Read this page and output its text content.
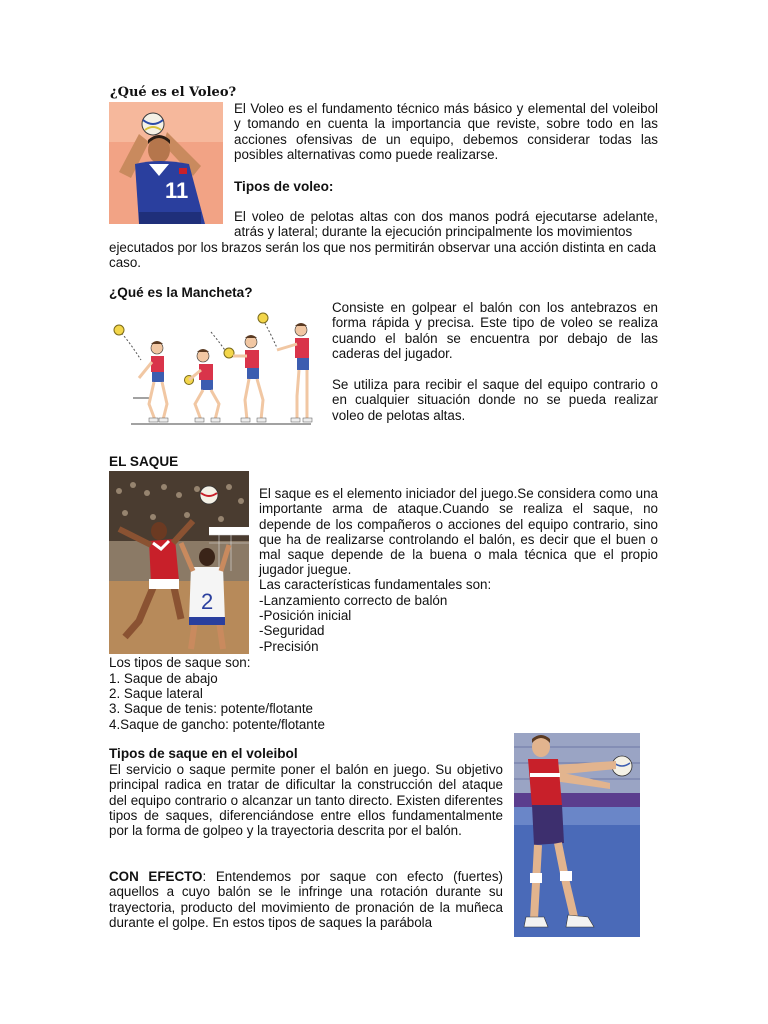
¿Qué es el Voleo?
11
El Voleo es el fundamento técnico más básico y elemental del voleibol y tomando en cuenta la importancia que reviste, sobre todo en las acciones ofensivas de un equipo, debemos considerar todas las posibles alternativas como puede realizarse.
Tipos de voleo:
El voleo de pelotas altas con dos manos podrá ejecutarse adelante, atrás y lateral; durante la ejecución principalmente los movimientos
ejecutados por los brazos serán los que nos permitirán observar una acción distinta en cada caso.
¿Qué es la Mancheta?
Consiste en golpear el balón con los antebrazos en forma rápida y precisa. Este tipo de voleo se realiza cuando el balón se encuentra por debajo de las caderas del jugador.
Se utiliza para recibir el saque del equipo contrario o en cualquier situación donde no se pueda realizar voleo de pelotas altas.
EL SAQUE
2
El saque es el elemento iniciador del juego.Se considera como una importante arma de ataque.Cuando se realiza el saque, no depende de los compañeros o acciones del equipo contrario, sino que ha de realizarse controlando el balón, es decir que el buen o mal saque depende de la buena o mala técnica que el propio jugador juegue.
Las características fundamentales son:
-Lanzamiento correcto de balón
-Posición inicial
-Seguridad
-Precisión
Los tipos de saque son:
1. Saque de abajo
2. Saque lateral
3. Saque de tenis: potente/flotante
4.Saque de gancho: potente/flotante
Tipos de saque en el voleibol
El servicio o saque permite poner el balón en juego. Su objetivo principal radica en tratar de dificultar la construcción del ataque del equipo contrario o alcanzar un tanto directo. Existen diferentes tipos de saques, diferenciándose entre ellos fundamentalmente por la forma de golpeo y la trayectoria descrita por el balón.
CON EFECTO: Entendemos por saque con efecto (fuertes) aquellos a cuyo balón se le infringe una rotación durante su trayectoria, producto del movimiento de pronación de la muñeca durante el golpe. En estos tipos de saques la parábola
